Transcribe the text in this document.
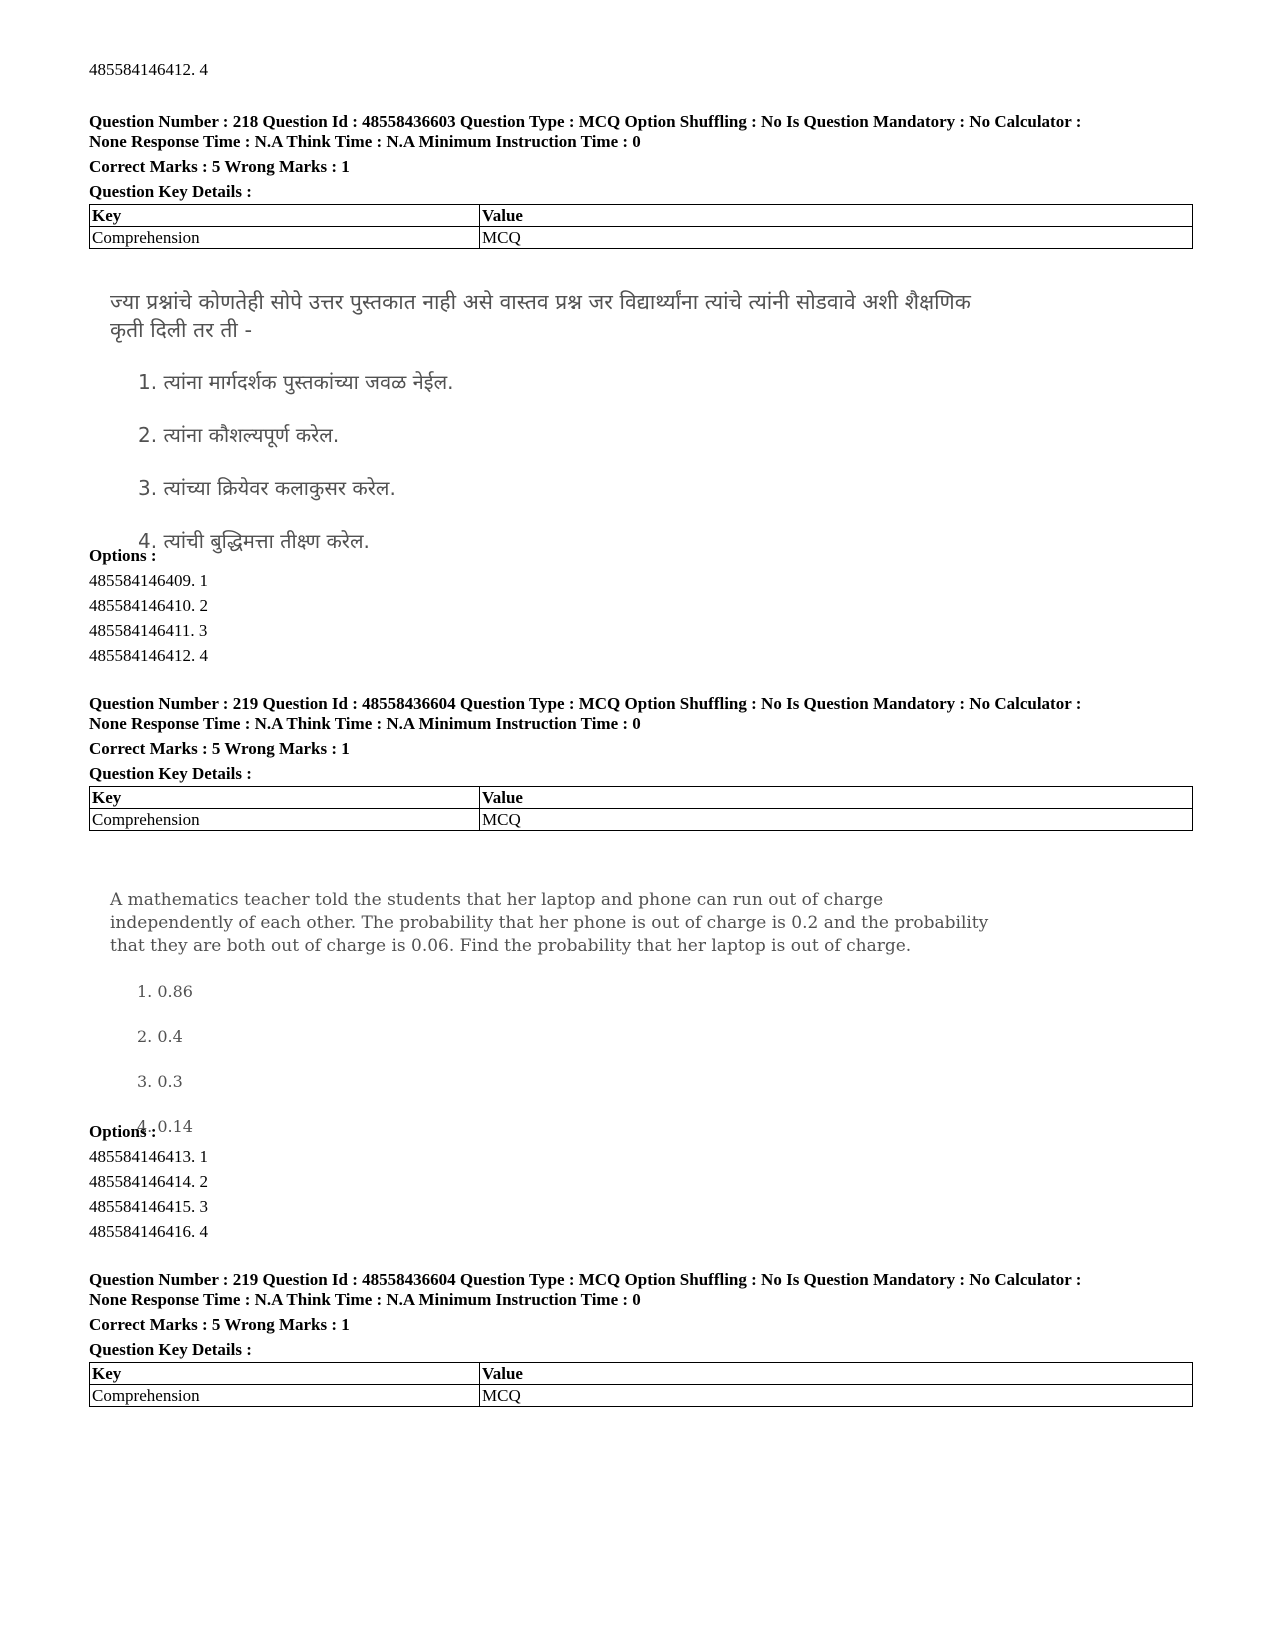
485584146412. 4

Question Number : 218 Question Id : 48558436603 Question Type : MCQ Option Shuffling : No Is Question Mandatory : No Calculator :

None Response Time : N.A Think Time : N.A Minimum Instruction Time : 0

Correct Marks : 5 Wrong Marks : 1

Question Key Details :

Key	Value
Comprehension	MCQ
ज्या प्रश्नांचे कोणतेही सोपे उत्तर पुस्तकात नाही असे वास्तव प्रश्न जर विद्यार्थ्यांना त्यांचे त्यांनी सोडवावे अशी शैक्षणिक कृती दिली तर ती -
1. त्यांना मार्गदर्शक पुस्तकांच्या जवळ नेईल.
2. त्यांना कौशल्यपूर्ण करेल.
3. त्यांच्या क्रियेवर कलाकुसर करेल.
4. त्यांची बुद्धिमत्ता तीक्ष्ण करेल.
Options :
485584146409. 1
485584146410. 2
485584146411. 3
485584146412. 4

Question Number : 219 Question Id : 48558436604 Question Type : MCQ Option Shuffling : No Is Question Mandatory : No Calculator :

None Response Time : N.A Think Time : N.A Minimum Instruction Time : 0

Correct Marks : 5 Wrong Marks : 1

Question Key Details :

Key	Value
Comprehension	MCQ
A mathematics teacher told the students that her laptop and phone can run out of charge independently of each other. The probability that her phone is out of charge is 0.2 and the probability that they are both out of charge is 0.06. Find the probability that her laptop is out of charge.
1. 0.86
2. 0.4
3. 0.3
4. 0.14
Options :
485584146413. 1
485584146414. 2
485584146415. 3
485584146416. 4

Question Number : 219 Question Id : 48558436604 Question Type : MCQ Option Shuffling : No Is Question Mandatory : No Calculator :

None Response Time : N.A Think Time : N.A Minimum Instruction Time : 0

Correct Marks : 5 Wrong Marks : 1

Question Key Details :

Key	Value
Comprehension	MCQ
